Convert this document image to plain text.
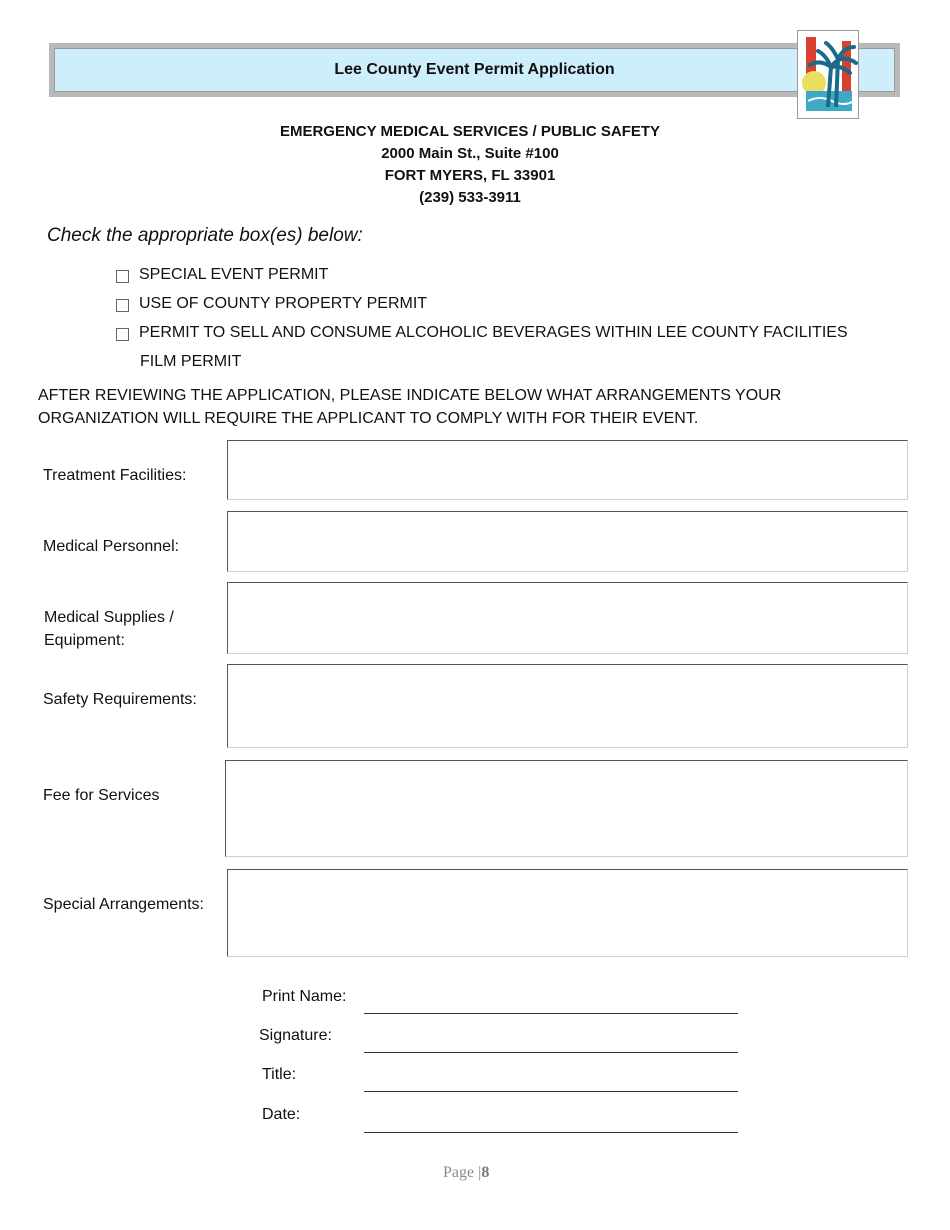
Lee County Event Permit Application
EMERGENCY MEDICAL SERVICES / PUBLIC SAFETY
2000 Main St., Suite #100
FORT MYERS, FL 33901
(239) 533-3911
Check the appropriate box(es) below:
SPECIAL EVENT PERMIT
USE OF COUNTY PROPERTY PERMIT
PERMIT TO SELL AND CONSUME ALCOHOLIC BEVERAGES WITHIN LEE COUNTY FACILITIES
FILM PERMIT
AFTER REVIEWING THE APPLICATION, PLEASE INDICATE BELOW WHAT ARRANGEMENTS YOUR
ORGANIZATION WILL REQUIRE THE APPLICANT TO COMPLY WITH FOR THEIR EVENT.
Treatment Facilities:
Medical Personnel:
Medical Supplies /
Equipment:
Safety Requirements:
Fee for Services
Special Arrangements:
Print Name:
Signature:
Title:
Date:
Page |8
